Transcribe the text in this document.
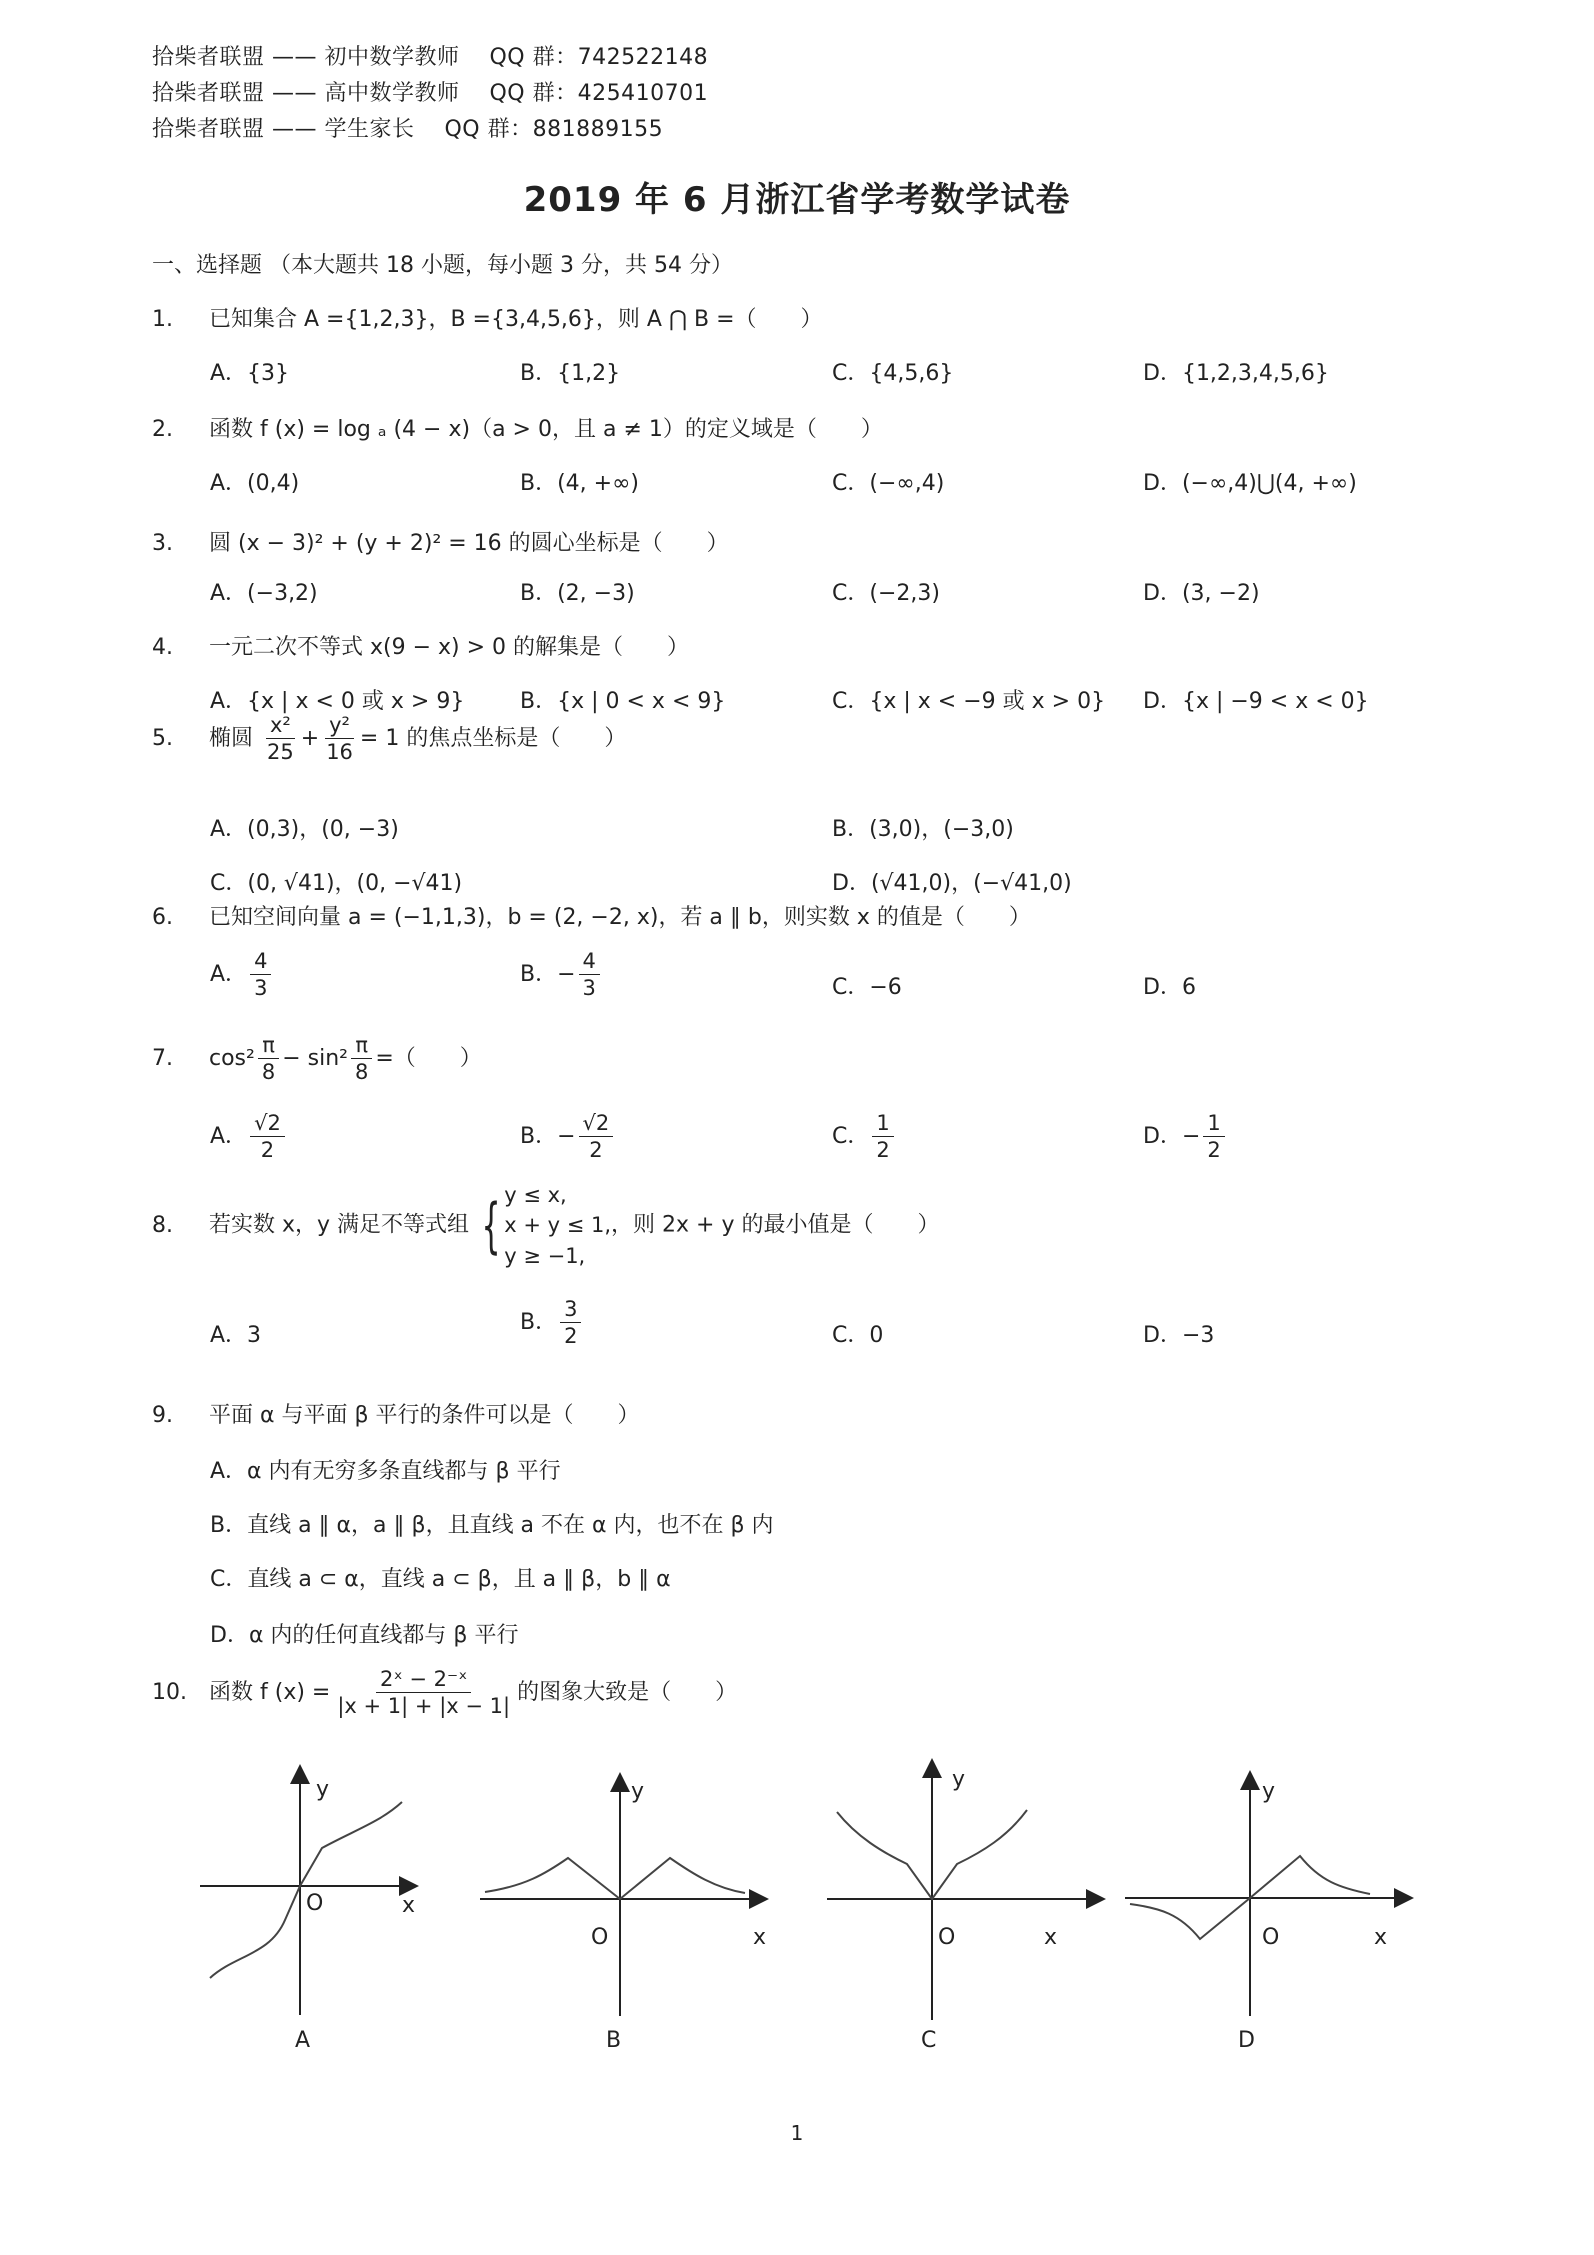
拾柴者联盟 —— 初中数学教师　 QQ 群：742522148
拾柴者联盟 —— 高中数学教师　 QQ 群：425410701
拾柴者联盟 —— 学生家长　 QQ 群：881889155
2019 年 6 月浙江省学考数学试卷
一、选择题 （本大题共 18 小题，每小题 3 分，共 54 分）
1. 已知集合 A ={1,2,3}，B ={3,4,5,6}，则 A ⋂ B =（　　）
A．{3}	B．{1,2}	C．{4,5,6}	D．{1,2,3,4,5,6}
2. 函数 f (x) = log ₐ (4 − x)（a > 0，且 a ≠ 1）的定义域是（　　）
A．(0,4)	B．(4, +∞)	C．(−∞,4)	D．(−∞,4)⋃(4, +∞)
3. 圆 (x − 3)² + (y + 2)² = 16 的圆心坐标是（　　）
A．(−3,2)	B．(2, −3)	C．(−2,3)	D．(3, −2)
4. 一元二次不等式 x(9 − x) > 0 的解集是（　　）
A．{x | x < 0 或 x > 9}	B．{x | 0 < x < 9}	C．{x | x < −9 或 x > 0} D．{x | −9 < x < 0}
5. 椭圆 $\frac{\text{x²}}{25} + \frac{\text{y²}}{16} = 1$ 的焦点坐标是（　　）
A．(0,3)，(0, −3)	B．(3,0)，(−3,0)
C．(0, √41)，(0, −√41)	D．(√41,0)，(−√41,0)
6. 已知空间向量 a = (−1,1,3)，b = (2, −2, x)，若 a ∥ b，则实数 x 的值是（　　）
A． $\frac{4}{3}$	B．− $\frac{4}{3}$	C．−6	D．6
7. $\cos^2 \frac{\pi}{8} - \sin^2 \frac{\pi}{8}$ =（　　）
A． $\frac{√2}{2}$	B．− $\frac{√2}{2}$	C． $\frac{1}{2}$	D．− $\frac{1}{2}$
8. 若实数 x，y 满足不等式组 { y ≤ x,
x + y ≤ 1,
y ≥ −1,
，则 2x + y 的最小值是（　　）
A．3
B． $\frac{3}{2}$	C．0	D．−3
9. 平面 α 与平面 β 平行的条件可以是（　　）
A．α 内有无穷多条直线都与 β 平行
B．直线 a ∥ α，a ∥ β，且直线 a 不在 α 内，也不在 β 内
C．直线 a ⊂ α，直线 a ⊂ β，且 a ∥ β，b ∥ α
D．α 内的任何直线都与 β 平行
10. 函数 f $(x) = \frac{\text{2ˣ − 2⁻ˣ}}{|x + 1| + |x - 1|}$ 的图象大致是（　　）
y
O	x
A
y
O	x
B
y
O	x
C
y
O	x
D
1
